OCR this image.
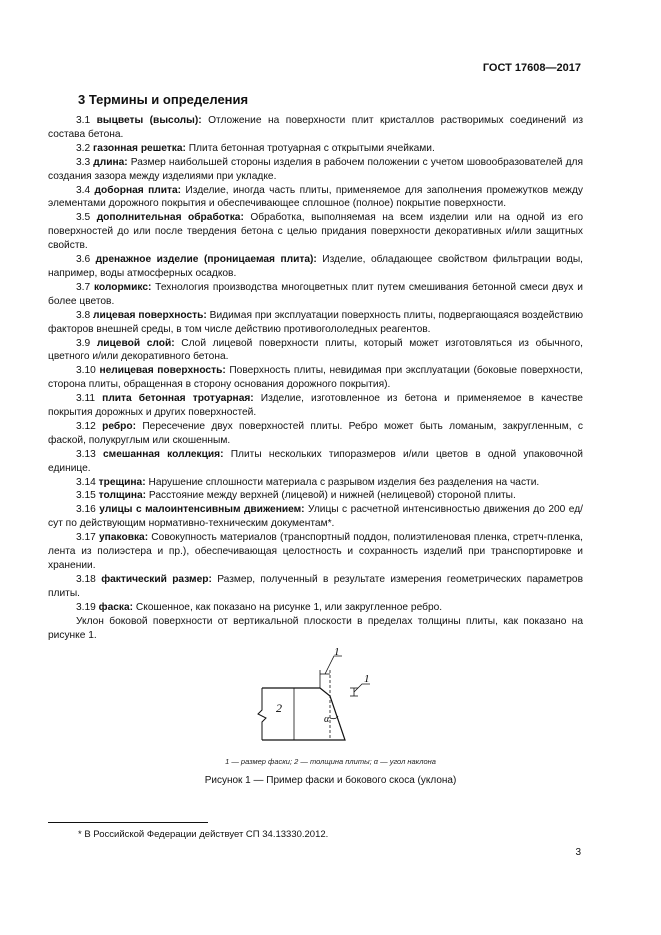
ГОСТ 17608—2017
3 Термины и определения

3.1 выцветы (высолы): Отложение на поверхности плит кристаллов растворимых соединений из состава бетона.

3.2 газонная решетка: Плита бетонная тротуарная с открытыми ячейками.

3.3 длина: Размер наибольшей стороны изделия в рабочем положении с учетом шовообразователей для создания зазора между изделиями при укладке.

3.4 доборная плита: Изделие, иногда часть плиты, применяемое для заполнения промежутков между элементами дорожного покрытия и обеспечивающее сплошное (полное) покрытие поверхности.

3.5 дополнительная обработка: Обработка, выполняемая на всем изделии или на одной из его поверхностей до или после твердения бетона с целью придания поверхности декоративных и/или защитных свойств.

3.6 дренажное изделие (проницаемая плита): Изделие, обладающее свойством фильтрации воды, например, воды атмосферных осадков.

3.7 колормикс: Технология производства многоцветных плит путем смешивания бетонной смеси двух и более цветов.

3.8 лицевая поверхность: Видимая при эксплуатации поверхность плиты, подвергающаяся воздействию факторов внешней среды, в том числе действию противогололедных реагентов.

3.9 лицевой слой: Слой лицевой поверхности плиты, который может изготовляться из обычного, цветного и/или декоративного бетона.

3.10 нелицевая поверхность: Поверхность плиты, невидимая при эксплуатации (боковые поверхности, сторона плиты, обращенная в сторону основания дорожного покрытия).

3.11 плита бетонная тротуарная: Изделие, изготовленное из бетона и применяемое в качестве покрытия дорожных и других поверхностей.

3.12 ребро: Пересечение двух поверхностей плиты. Ребро может быть ломаным, закругленным, с фаской, полукруглым или скошенным.

3.13 смешанная коллекция: Плиты нескольких типоразмеров и/или цветов в одной упаковочной единице.

3.14 трещина: Нарушение сплошности материала с разрывом изделия без разделения на части.

3.15 толщина: Расстояние между верхней (лицевой) и нижней (нелицевой) стороной плиты.

3.16 улицы с малоинтенсивным движением: Улицы с расчетной интенсивностью движения до 200 ед/сут по действующим нормативно-техническим документам*.

3.17 упаковка: Совокупность материалов (транспортный поддон, полиэтиленовая пленка, стретч-пленка, лента из полиэстера и пр.), обеспечивающая целостность и сохранность изделий при транспортировке и хранении.

3.18 фактический размер: Размер, полученный в результате измерения геометрических параметров плиты.

3.19 фаска: Скошенное, как показано на рисунке 1, или закругленное ребро.

Уклон боковой поверхности от вертикальной плоскости в пределах толщины плиты, как показано на рисунке 1.

1
1
2
α
1 — размер фаски; 2 — толщина плиты; α — угол наклона
Рисунок 1 — Пример фаски и бокового скоса (уклона)
* В Российской Федерации действует СП 34.13330.2012.
3
